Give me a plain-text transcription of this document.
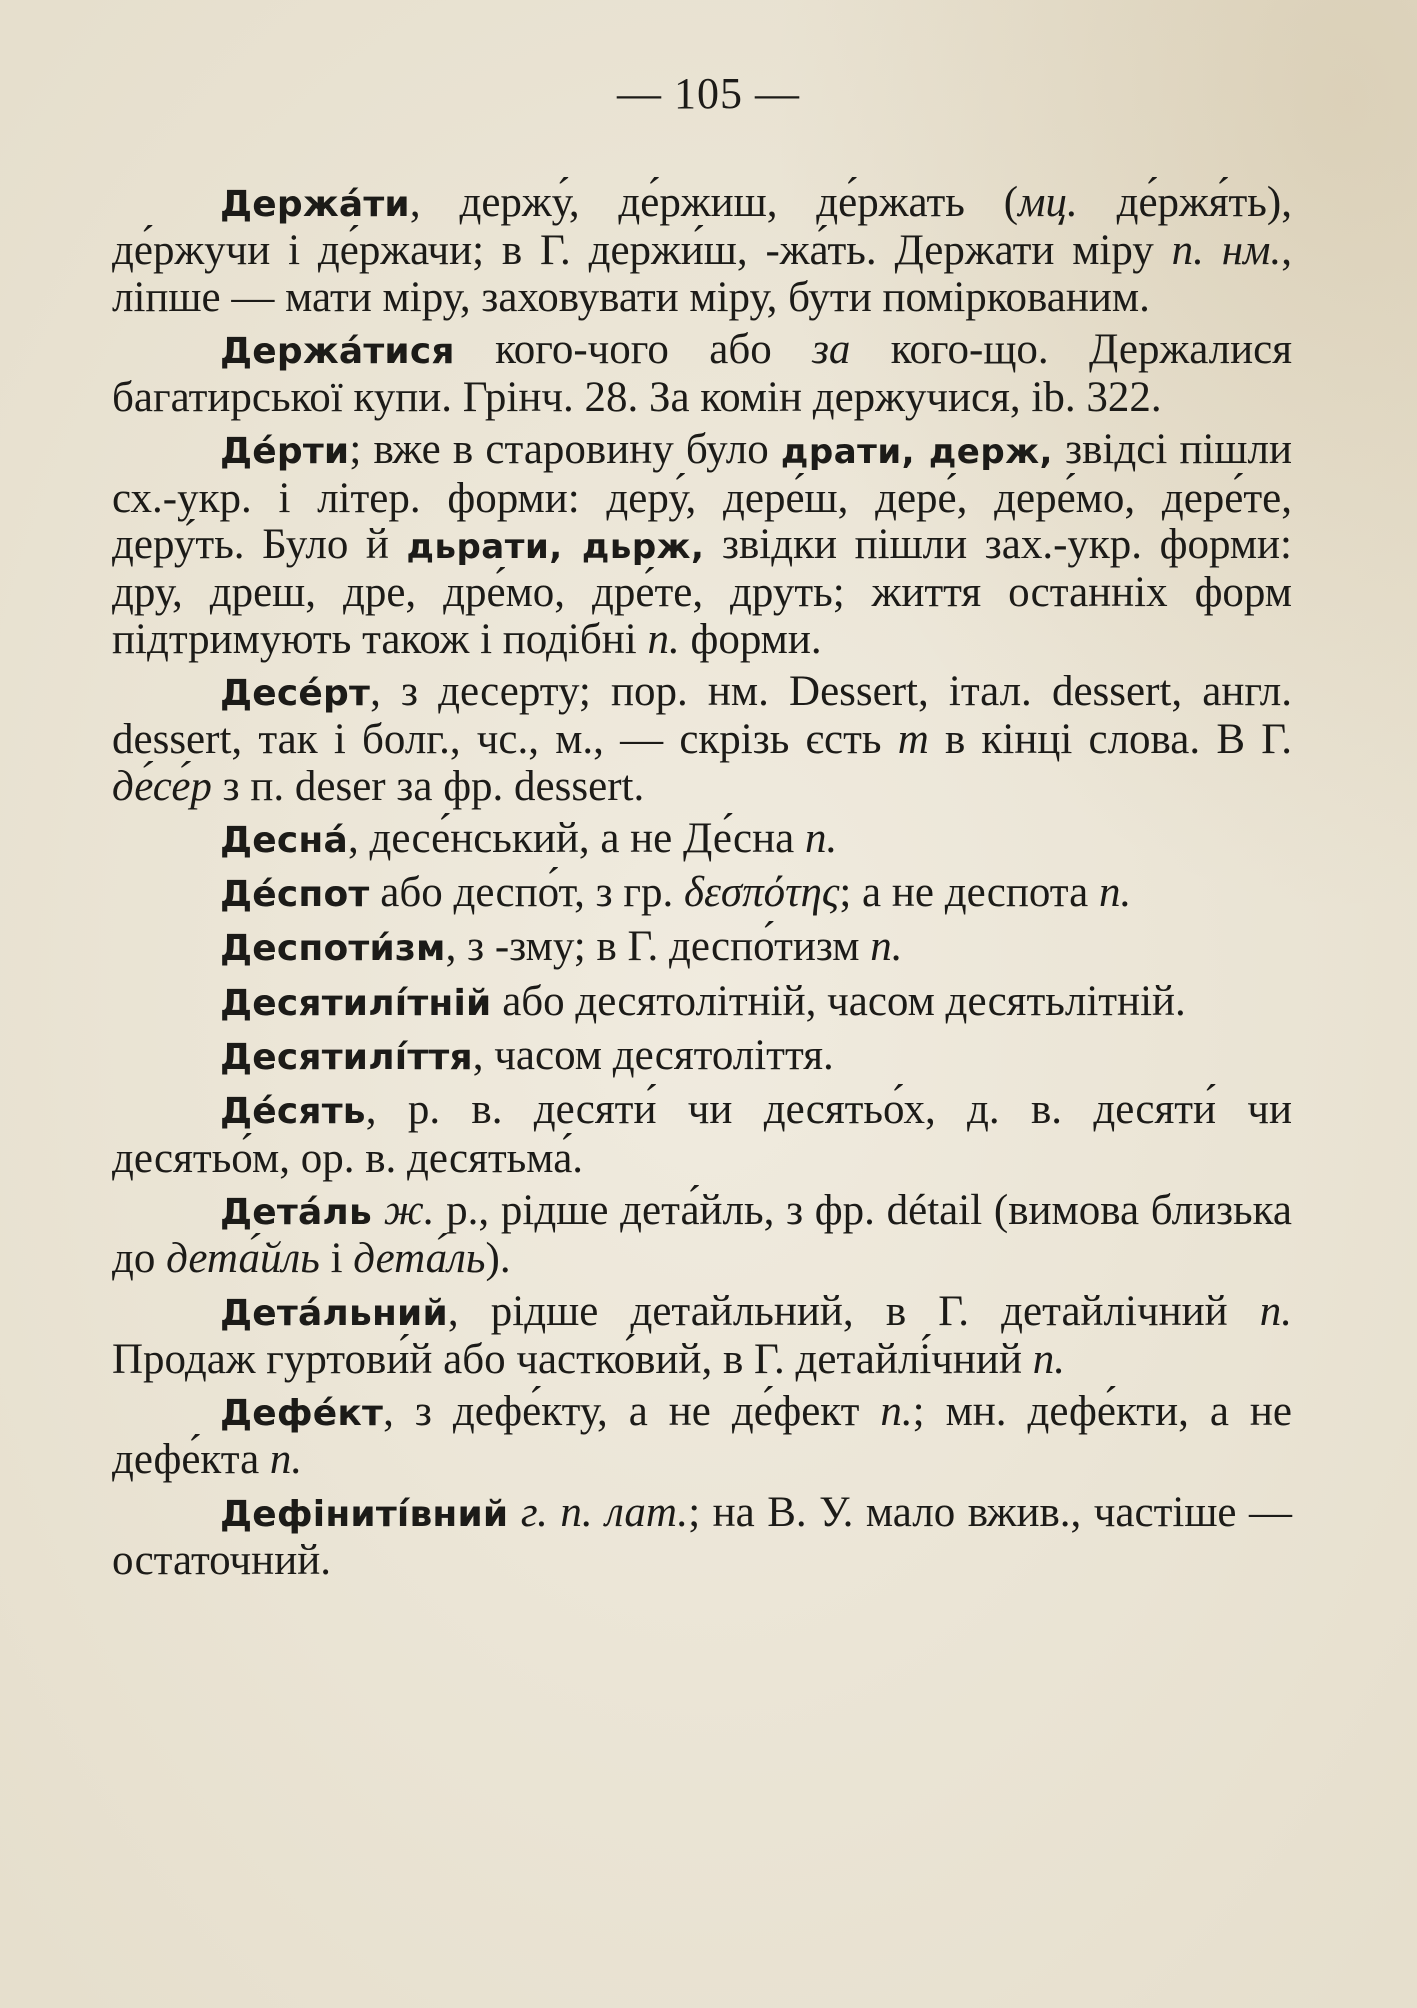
— 105 —

Держа́ти, держу́, де́ржиш, де́ржать (мц. де́ржя́ть), де́ржучи і де́ржачи; в Г. держи́ш, -жа́ть. Держати міру п. нм., ліпше — мати міру, заховувати міру, бути поміркованим.

Держа́тися кого-чого або за кого-що. Держалися багатирської купи. Грінч. 28. За комін держучися, ib. 322.

Де́рти; вже в старовину було драти, держ, звідсі пішли сх.-укр. і літер. форми: деру́, дере́ш, дере́, дере́мо, дере́те, деру́ть. Було й дьрати, дьрж, звідки пішли зах.-укр. форми: дру, дреш, дре, дре́мо, дре́те, друть; життя останніх форм підтримують також і подібні п. форми.

Десе́рт, з десерту; пор. нм. Dessert, італ. dessert, англ. dessert, так і болг., чс., м., — скрізь єсть т в кінці слова. В Г. де́се́р з п. deser за фр. dessert.

Десна́, десе́нський, а не Де́сна п.

Де́спот або деспо́т, з гр. δεσπότης; а не деспота п.

Деспоти́зм, з -зму; в Г. деспо́тизм п.

Десятилі́тній або десятолітній, часом десятьлітній.

Десятилі́ття, часом десятоліття.

Де́сять, р. в. десяти́ чи десятьо́х, д. в. десяти́ чи десятьо́м, ор. в. десятьма́.

Дета́ль ж. р., рідше дета́йль, з фр. détail (вимова близька до дета́йль і дета́ль).

Дета́льний, рідше детайльний, в Г. детайлічний п. Продаж гуртови́й або частко́вий, в Г. детайлі́чний п.

Дефе́кт, з дефе́кту, а не де́фект п.; мн. дефе́кти, а не дефе́кта п.

Дефiниті́вний г. п. лат.; на В. У. мало вжив., частіше — остаточний.
